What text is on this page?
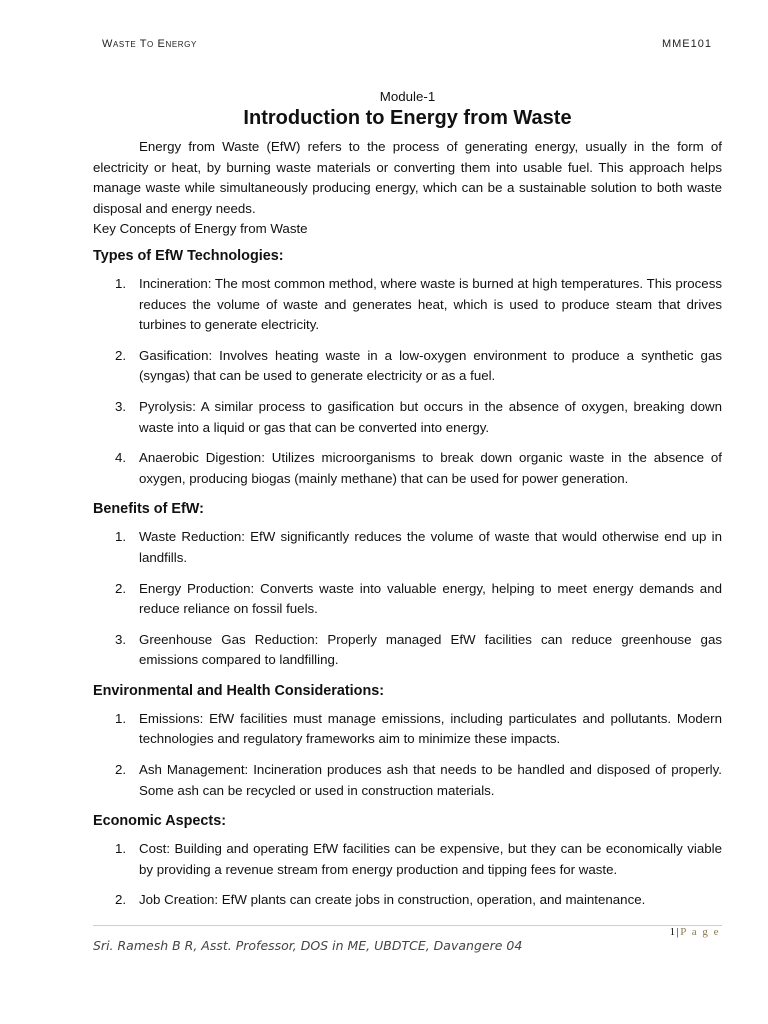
Waste To Energy	MME101
Module-1
Introduction to Energy from Waste

Energy from Waste (EfW) refers to the process of generating energy, usually in the form of electricity or heat, by burning waste materials or converting them into usable fuel. This approach helps manage waste while simultaneously producing energy, which can be a sustainable solution to both waste disposal and energy needs.

Key Concepts of Energy from Waste

Types of EfW Technologies:
1. Incineration: The most common method, where waste is burned at high temperatures. This process reduces the volume of waste and generates heat, which is used to produce steam that drives turbines to generate electricity.
2. Gasification: Involves heating waste in a low-oxygen environment to produce a synthetic gas (syngas) that can be used to generate electricity or as a fuel.
3. Pyrolysis: A similar process to gasification but occurs in the absence of oxygen, breaking down waste into a liquid or gas that can be converted into energy.
4. Anaerobic Digestion: Utilizes microorganisms to break down organic waste in the absence of oxygen, producing biogas (mainly methane) that can be used for power generation.
Benefits of EfW:
1. Waste Reduction: EfW significantly reduces the volume of waste that would otherwise end up in landfills.
2. Energy Production: Converts waste into valuable energy, helping to meet energy demands and reduce reliance on fossil fuels.
3. Greenhouse Gas Reduction: Properly managed EfW facilities can reduce greenhouse gas emissions compared to landfilling.
Environmental and Health Considerations:
1. Emissions: EfW facilities must manage emissions, including particulates and pollutants. Modern technologies and regulatory frameworks aim to minimize these impacts.
2. Ash Management: Incineration produces ash that needs to be handled and disposed of properly. Some ash can be recycled or used in construction materials.
Economic Aspects:
1. Cost: Building and operating EfW facilities can be expensive, but they can be economically viable by providing a revenue stream from energy production and tipping fees for waste.
2. Job Creation: EfW plants can create jobs in construction, operation, and maintenance.
1|P a g e
Sri. Ramesh B R, Asst. Professor, DOS in ME, UBDTCE, Davangere 04
